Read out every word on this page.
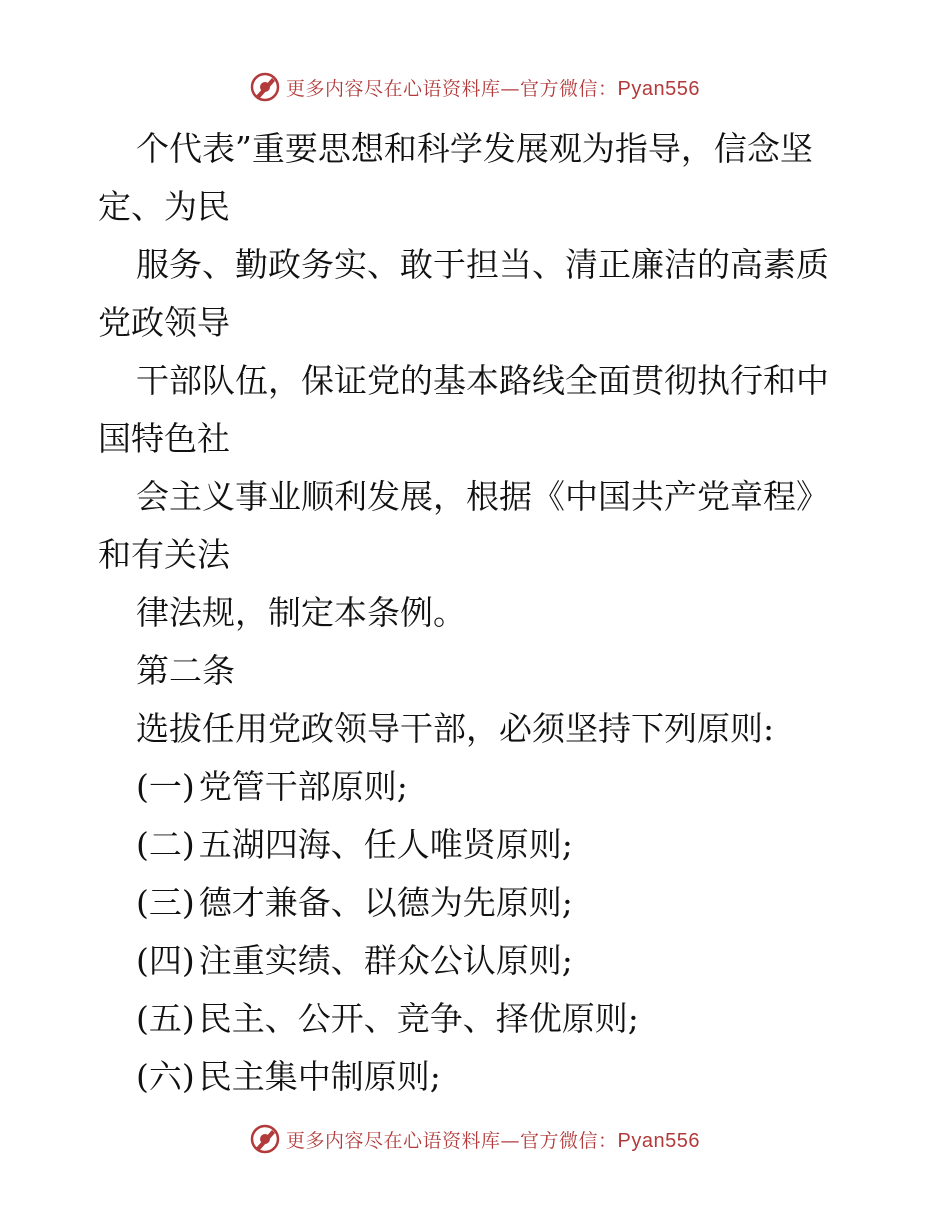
更多内容尽在心语资料库—官方微信：Pyan556
个代表”重要思想和科学发展观为指导，信念坚
定、为民
服务、勤政务实、敢于担当、清正廉洁的高素质
党政领导
干部队伍，保证党的基本路线全面贯彻执行和中
国特色社
会主义事业顺利发展，根据《中国共产党章程》
和有关法
律法规，制定本条例。
第二条
选拔任用党政领导干部，必须坚持下列原则:
(一) 党管干部原则;
(二) 五湖四海、任人唯贤原则;
(三) 德才兼备、以德为先原则;
(四) 注重实绩、群众公认原则;
(五) 民主、公开、竞争、择优原则;
(六) 民主集中制原则;
更多内容尽在心语资料库—官方微信：Pyan556
